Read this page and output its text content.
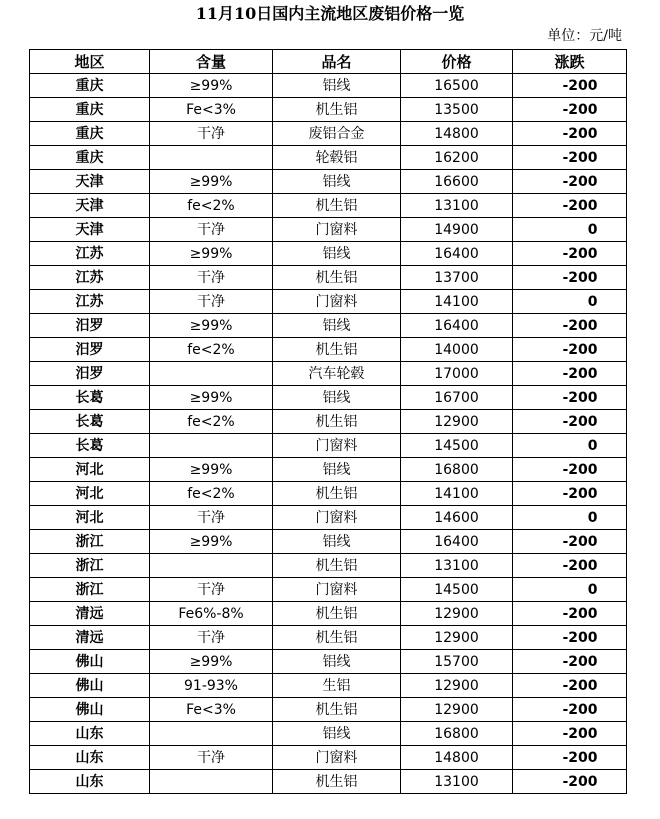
11月10日国内主流地区废铝价格一览
单位：元/吨
地区	含量	品名	价格	涨跌
重庆	≥99%	铝线	16500	-200
重庆	Fe<3%	机生铝	13500	-200
重庆	干净	废铝合金	14800	-200
重庆		轮毂铝	16200	-200
天津	≥99%	铝线	16600	-200
天津	fe<2%	机生铝	13100	-200
天津	干净	门窗料	14900	0
江苏	≥99%	铝线	16400	-200
江苏	干净	机生铝	13700	-200
江苏	干净	门窗料	14100	0
汨罗	≥99%	铝线	16400	-200
汨罗	fe<2%	机生铝	14000	-200
汨罗		汽车轮毂	17000	-200
长葛	≥99%	铝线	16700	-200
长葛	fe<2%	机生铝	12900	-200
长葛		门窗料	14500	0
河北	≥99%	铝线	16800	-200
河北	fe<2%	机生铝	14100	-200
河北	干净	门窗料	14600	0
浙江	≥99%	铝线	16400	-200
浙江		机生铝	13100	-200
浙江	干净	门窗料	14500	0
清远	Fe6%-8%	机生铝	12900	-200
清远	干净	机生铝	12900	-200
佛山	≥99%	铝线	15700	-200
佛山	91-93%	生铝	12900	-200
佛山	Fe<3%	机生铝	12900	-200
山东		铝线	16800	-200
山东	干净	门窗料	14800	-200
山东		机生铝	13100	-200
